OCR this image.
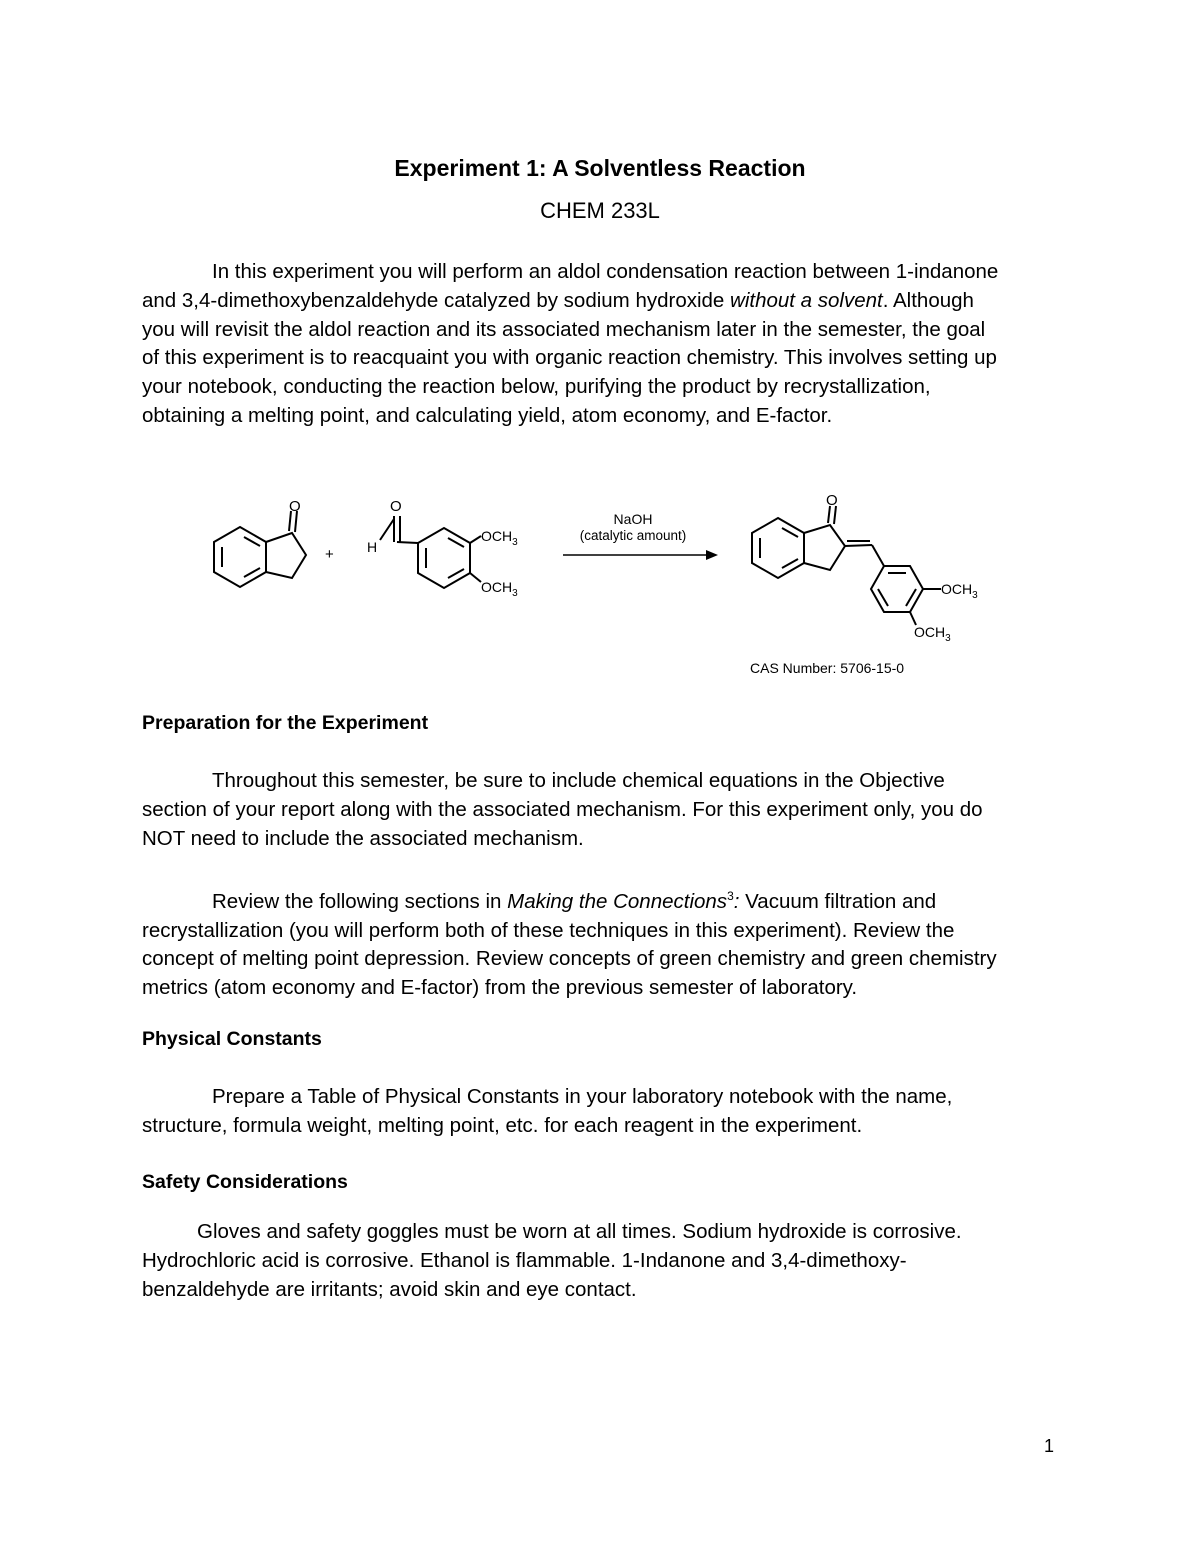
Experiment 1: A Solventless Reaction
CHEM 233L
In this experiment you will perform an aldol condensation reaction between 1-indanone
and 3,4-dimethoxybenzaldehyde catalyzed by sodium hydroxide without a solvent. Although
you will revisit the aldol reaction and its associated mechanism later in the semester, the goal
of this experiment is to reacquaint you with organic reaction chemistry. This involves setting up
your notebook, conducting the reaction below, purifying the product by recrystallization,
obtaining a melting point, and calculating yield, atom economy, and E-factor.
O
+
O
H
$OCH_3$
$OCH_3$
NaOH
(catalytic amount)
O
$OCH_3$
$OCH_3$
CAS Number: 5706-15-0
Preparation for the Experiment
Throughout this semester, be sure to include chemical equations in the Objective
section of your report along with the associated mechanism. For this experiment only, you do
NOT need to include the associated mechanism.
Review the following sections in Making the Connections$^3$: Vacuum filtration and
recrystallization (you will perform both of these techniques in this experiment). Review the
concept of melting point depression. Review concepts of green chemistry and green chemistry
metrics (atom economy and E-factor) from the previous semester of laboratory.
Physical Constants
Prepare a Table of Physical Constants in your laboratory notebook with the name,
structure, formula weight, melting point, etc. for each reagent in the experiment.
Safety Considerations
Gloves and safety goggles must be worn at all times. Sodium hydroxide is corrosive.
Hydrochloric acid is corrosive. Ethanol is flammable. 1-Indanone and 3,4-dimethoxy-
benzaldehyde are irritants; avoid skin and eye contact.
1
